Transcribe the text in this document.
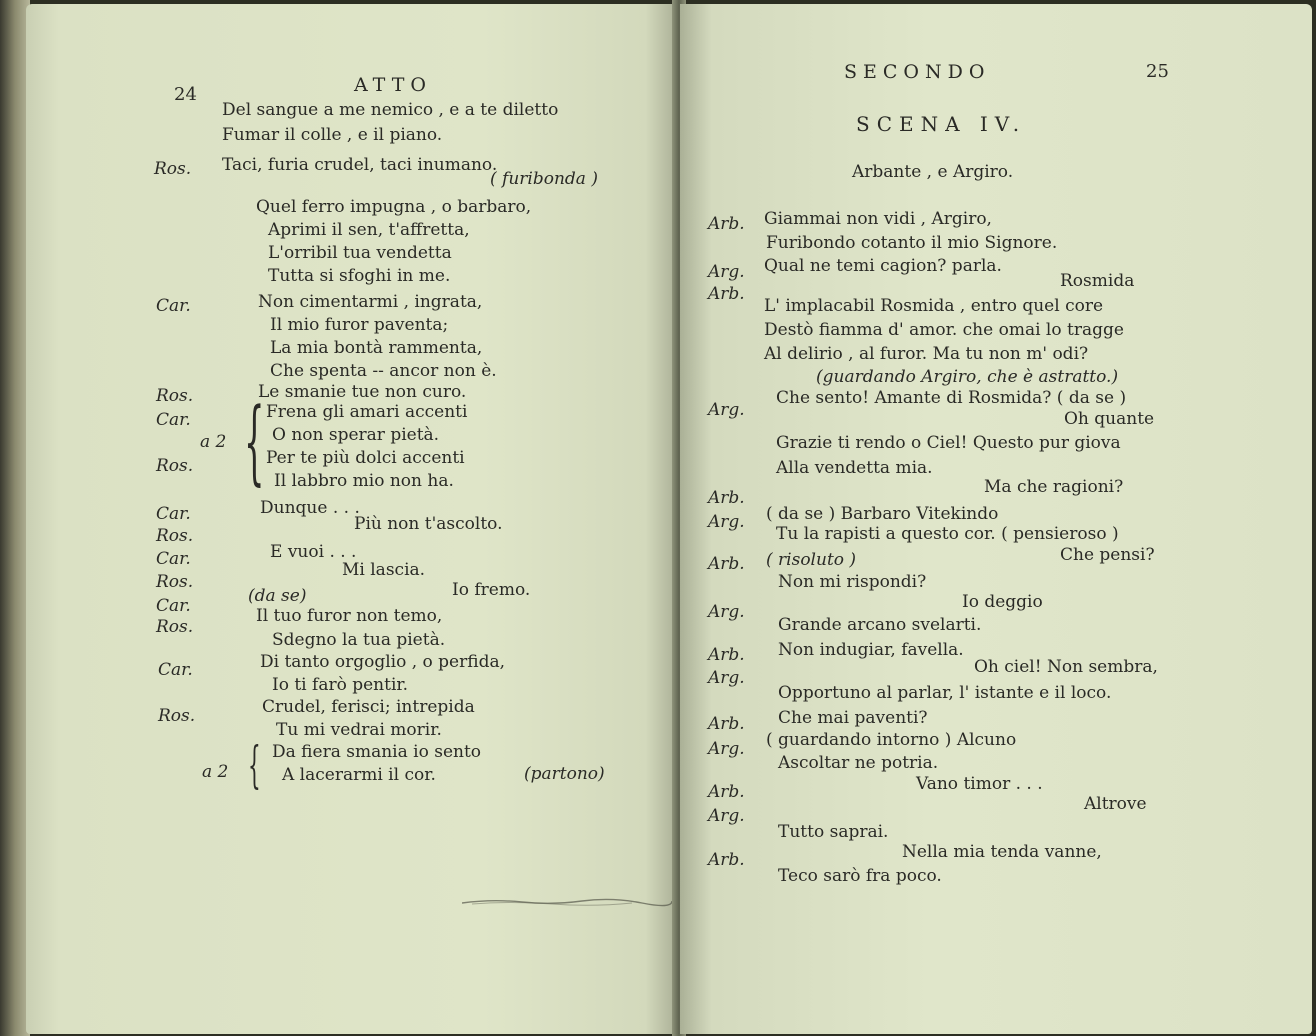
24	ATTO
Del sangue a me nemico , e a te diletto
Fumar il colle , e il piano.
Ros. Taci, furia crudel, taci inumano.
( furibonda )
Quel ferro impugna , o barbaro,
Aprimi il sen, t'affretta,
L'orribil tua vendetta
Tutta si sfoghi in me.
Car.	Non cimentarmi , ingrata,
Il mio furor paventa;
La mia bontà rammenta,
Che spenta -- ancor non è.
Ros.	Le smanie tue non curo.
Car.
a 2
Ros. { Frena gli amari accenti
O non sperar pietà.
Per te più dolci accenti
Il labbro mio non ha.
Car.	Dunque . . .
Ros.
Più non t'ascolto.
Car.	E vuoi . . .
Ros.
Mi lascia.
Car.	(da se)	Io fremo.
Ros.
Il tuo furor non temo,
Sdegno la tua pietà.
Car.	Di tanto orgoglio , o perfida,
Io ti farò pentir.
Ros.	Crudel, ferisci; intrepida
Tu mi vedrai morir.
a 2 { Da fiera smania io sento
A lacerarmi il cor.	(partono)
SECONDO	25
SCENA IV.
Arbante , e Argiro.
Arb. Giammai non vidi , Argiro,
Furibondo cotanto il mio Signore.
Arg. Qual ne temi cagion? parla.
Arb.
Rosmida
L' implacabil Rosmida , entro quel core
Destò fiamma d' amor. che omai lo tragge
Al delirio , al furor. Ma tu non m' odi?
(guardando Argiro, che è astratto.)
Arg.
Che sento! Amante di Rosmida? ( da se )
Oh quante
Grazie ti rendo o Ciel! Questo pur giova
Alla vendetta mia.
Arb.
Ma che ragioni?
Arg. ( da se ) Barbaro Vitekindo
Tu la rapisti a questo cor. ( pensieroso )
Arb. ( risoluto )	Che pensi?
Non mi rispondi?
Arg.	Io deggio
Grande arcano svelarti.
Arb. Non indugiar, favella.
Arg.
Oh ciel! Non sembra,
Opportuno al parlar, l' istante e il loco.
Arb. Che mai paventi?
Arg. ( guardando intorno ) Alcuno
Ascoltar ne potria.
Arb.	Vano timor . . .
Arg.
Altrove
Tutto saprai.
Arb.	Nella mia tenda vanne,
Teco sarò fra poco.
